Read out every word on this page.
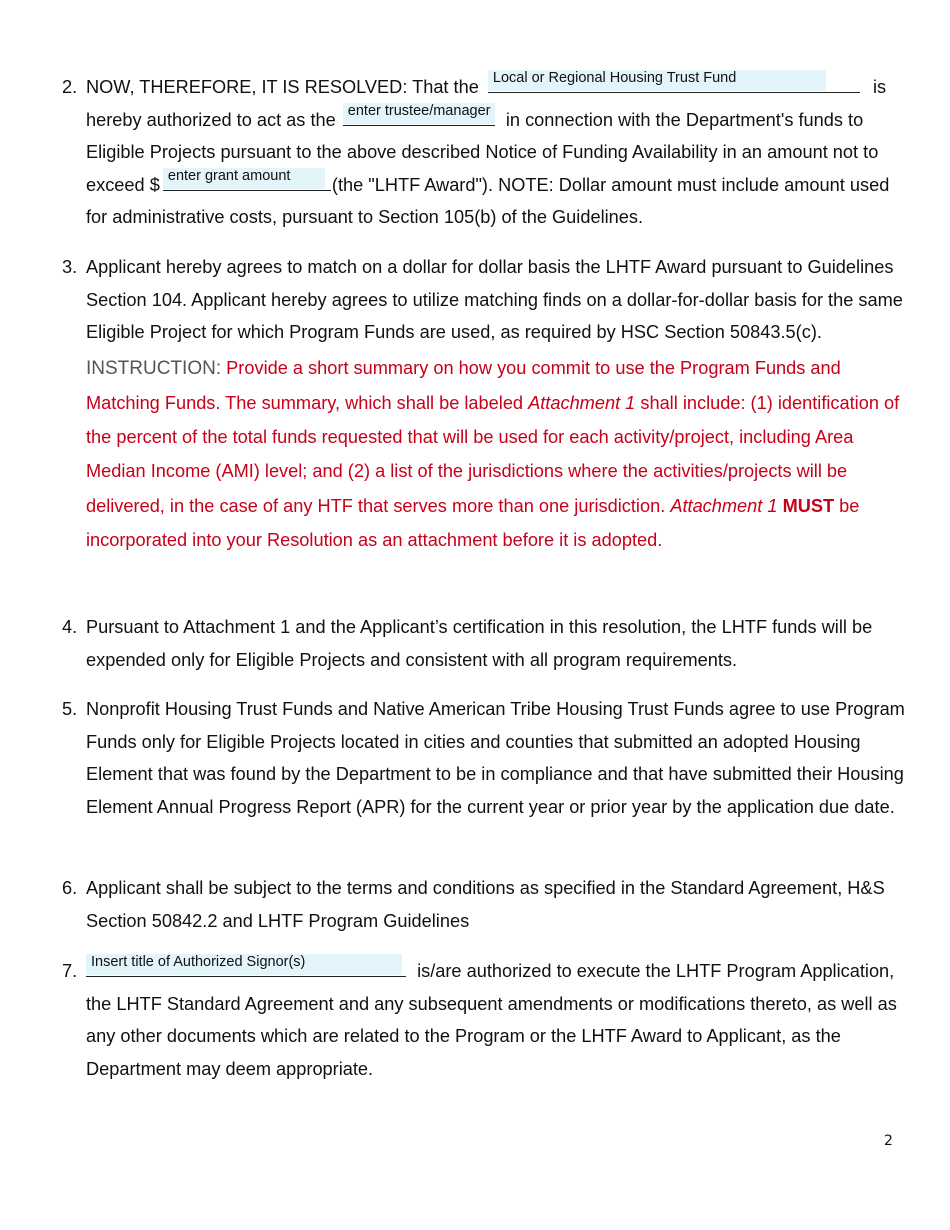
2. NOW, THEREFORE, IT IS RESOLVED: That the Local or Regional Housing Trust Fund	is hereby authorized to act as the enter trustee/manager in connection with the Department's funds to Eligible Projects pursuant to the above described Notice of Funding Availability in an amount not to exceed $ enter grant amount (the "LHTF Award"). NOTE: Dollar amount must include amount used for administrative costs, pursuant to Section 105(b) of the Guidelines.
3. Applicant hereby agrees to match on a dollar for dollar basis the LHTF Award pursuant to Guidelines Section 104. Applicant hereby agrees to utilize matching finds on a dollar-for-dollar basis for the same Eligible Project for which Program Funds are used, as required by HSC Section 50843.5(c).
INSTRUCTION: Provide a short summary on how you commit to use the Program Funds and Matching Funds. The summary, which shall be labeled Attachment 1 shall include: (1) identification of the percent of the total funds requested that will be used for each activity/project, including Area Median Income (AMI) level; and (2) a list of the jurisdictions where the activities/projects will be delivered, in the case of any HTF that serves more than one jurisdiction. Attachment 1 MUST be incorporated into your Resolution as an attachment before it is adopted.
4. Pursuant to Attachment 1 and the Applicant’s certification in this resolution, the LHTF funds will be expended only for Eligible Projects and consistent with all program requirements.
5. Nonprofit Housing Trust Funds and Native American Tribe Housing Trust Funds agree to use Program Funds only for Eligible Projects located in cities and counties that submitted an adopted Housing Element that was found by the Department to be in compliance and that have submitted their Housing Element Annual Progress Report (APR) for the current year or prior year by the application due date.
6. Applicant shall be subject to the terms and conditions as specified in the Standard Agreement, H&S Section 50842.2 and LHTF Program Guidelines
7. Insert title of Authorized Signor(s)	is/are authorized to execute the LHTF Program Application, the LHTF Standard Agreement and any subsequent amendments or modifications thereto, as well as any other documents which are related to the Program or the LHTF Award to Applicant, as the Department may deem appropriate.
2
